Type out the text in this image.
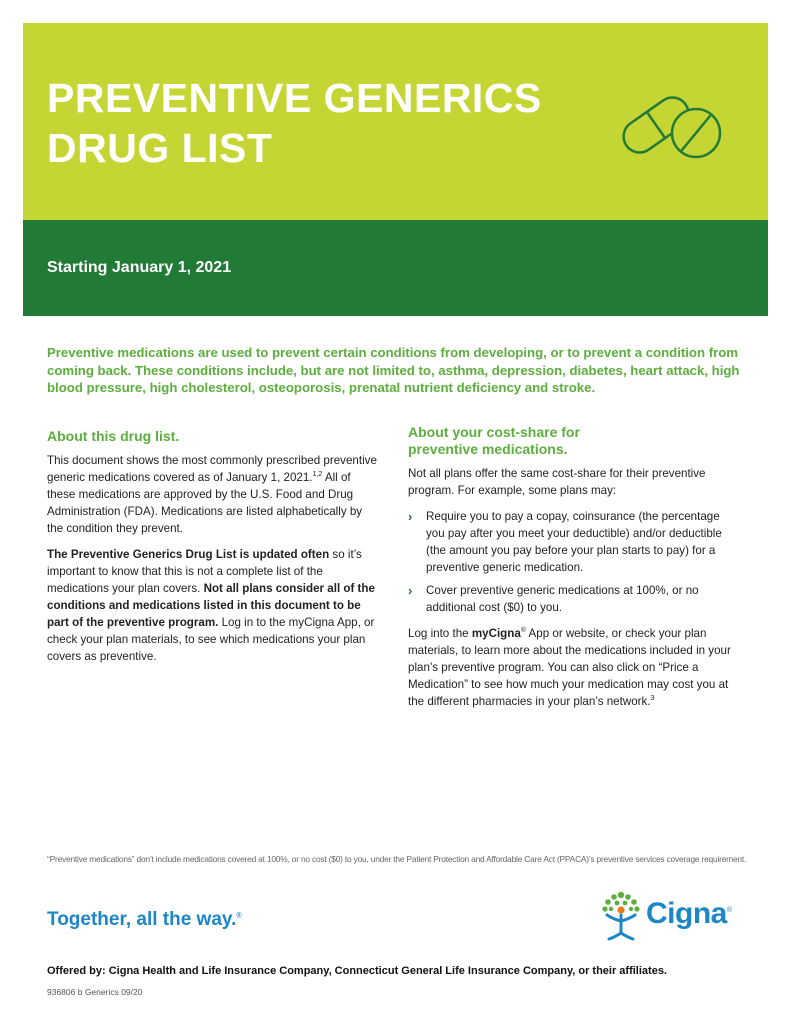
PREVENTIVE GENERICS
DRUG LIST
Starting January 1, 2021
Preventive medications are used to prevent certain conditions from developing, or to prevent a condition from coming back. These conditions include, but are not limited to, asthma, depression, diabetes, heart attack, high blood pressure, high cholesterol, osteoporosis, prenatal nutrient deficiency and stroke.
About this drug list.

This document shows the most commonly prescribed preventive generic medications covered as of January 1, 2021.$^{1,2}$ All of these medications are approved by the U.S. Food and Drug Administration (FDA). Medications are listed alphabetically by the condition they prevent.

The Preventive Generics Drug List is updated often so it’s important to know that this is not a complete list of the medications your plan covers. Not all plans consider all of the conditions and medications listed in this document to be part of the preventive program. Log in to the myCigna App, or check your plan materials, to see which medications your plan covers as preventive.

About your cost-share for
preventive medications.

Not all plans offer the same cost-share for their preventive program. For example, some plans may:

› Require you to pay a copay, coinsurance (the percentage you pay after you meet your deductible) and/or deductible (the amount you pay before your plan starts to pay) for a preventive generic medication.
› Cover preventive generic medications at 100%, or no additional cost ($0) to you.

Log into the myCigna® App or website, or check your plan materials, to learn more about the medications included in your plan’s preventive program. You can also click on “Price a Medication” to see how much your medication may cost you at the different pharmacies in your plan’s network.$^3$

“Preventive medications” don’t include medications covered at 100%, or no cost ($0) to you, under the Patient Protection and Affordable Care Act (PPACA)’s preventive services coverage requirement.
Together, all the way.®	Cigna®
Offered by: Cigna Health and Life Insurance Company, Connecticut General Life Insurance Company, or their affiliates.
936806 b Generics 09/20
